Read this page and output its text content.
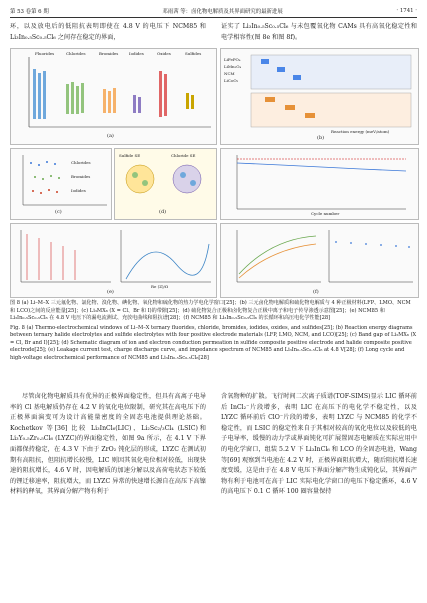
第 53 卷第 6 期	邓雨茜 等：卤化物电解质及其界面研究的最新进展	· 1741 ·

环，以及放电后的低阻抗表明即使在 4.8 V 的电压下 NCM85 和 Li₃In₀.₅Sc₀.₅Cl₆ 之间存在稳定的界面，

证实了 Li₃In₀.₅Sc₀.₅Cl₆ 与未包覆氧化物 CAMs 具有高氧化稳定性和电学相容性(图 8e 和图 8f)。

Fluorides	Chlorides	Bromides	Iodides	Oxides	Sulfides
(a)
LiFePO₄
LiMn₂O₄
NCM
LiCoO₂
Reaction energy (meV/atom)
(b)
Chlorides
Bromides
Iodides
(c)
Sulfide SE	Chloride SE
(d)	Cycle number
Re (Z)/Ω
(e)	(f)

图 8 (a) Li–M–X 三元氟化物、氯化物、溴化物、碘化物、氧化物和硫化物的热力学电化学窗口[25]；(b) 三元卤化物电解质和硫化物电解质与 4 种正极材料(LFP、LMO、NCM 和 LCO)之间的反应能量[25]；(c) Li₃MX₆ (X = Cl、Br 和 I)的带隙[25]；(d) 硫化物复合正极和卤化物复合正极中离子和电子传导渗透示意图[25]；(e) NCM85 和 Li₃In₀.₅Sc₀.₅Cl₆ 在 4.8 V 电压下的漏电流测试、充放电曲线和阻抗谱[28]；(f) NCM85 和 Li₃In₀.₅Sc₀.₅Cl₆ 的长循环和高压电化学性能[28]

Fig. 8 (a) Thermo-electrochemical windows of Li–M–X ternary fluorides, chloride, bromides, iodides, oxides, and sulfides[25]; (b) Reaction energy diagrams between ternary halide electrolytes and sulfide electrolytes with four positive electrode materials (LFP, LMO, NCM, and LCO)[25]; (c) Band gap of Li₃MX₆ (X = Cl, Br and I)[25]; (d) Schematic diagram of ion and electron conduction permeation in sulfide composite positive electrode and halide composite positive electrode[25]; (e) Leakage current test, charge discharge curve, and impedance spectrum of NCM85 and Li₃In₀.₅Sc₀.₅Cl₆ at 4.8 V[28]; (f) Long cycle and high-voltage electrochemical performance of NCM85 and Li₃In₀.₅Sc₀.₅Cl₆[28]

尽管卤化物电解质具有优异的正极界面稳定性，但具有高离子电导率的 Cl 基电解质仍存在 4.2 V 的氧化电位限制，研究其在高电压下的正极界面演变可为设计高能量密度的全固态电池提供理论基础。Kochetkov 等[36] 比较 Li₃InCl₆(LIC)、Li₂Sc₂/₃Cl₄ (LSIC)和 Li₃Y₀.₅Zr₀.₅Cl₆ (LYZC)的界面稳定性，如图 9a 所示，在 4.1 V 下界面都保持稳定，在 4.3 V 下由于 ZrO₂ 钝化层的形成，LYZC 在测试初期有高阻抗，但阻抗增长较慢，LIC 则因其氧化电位相对较低，出现快速的阻抗增长，4.6 V 时，因电解质的加速分解以及高荷电状态下较低的锂迁移速率，阻抗增大，而 LYZC 异常的快速增长源自在高压下高镍材料的释氧，其界面分解产物有利于

含氧物种的扩散。飞行时间二次离子质谱(TOF-SIMS)显示 LIC 循环前后 InCl₂⁻片段增多，表明 LIC 在高压下的电化学不稳定性，以及 LYZC 循环前后 ClO⁻片段的增多，表明 LYZC 与 NCM85 的化学不稳定性，而 LSIC 的稳定性来自于其相对较高的氧化电位以及较低的电子电导率，缓慢的动力学或界面钝化可扩展置固态电解质在实际应用中的电化学窗口，组装 5.2 V 下 Li₃InCl₆ 和 LCO 的全固态电池，Wang 等[69] 观察到当电池在 4.2 V 时，正极界面阻抗增大，随后阻抗增长速度变缓，这是由于在 4.8 V 电压下界面分解产物生成钝化层，其界面产物有利于电池可在高于 LIC 实际电化学窗口的电压下稳定循环，4.6 V 的高电压下 0.1 C 循环 100 圈容量保持
